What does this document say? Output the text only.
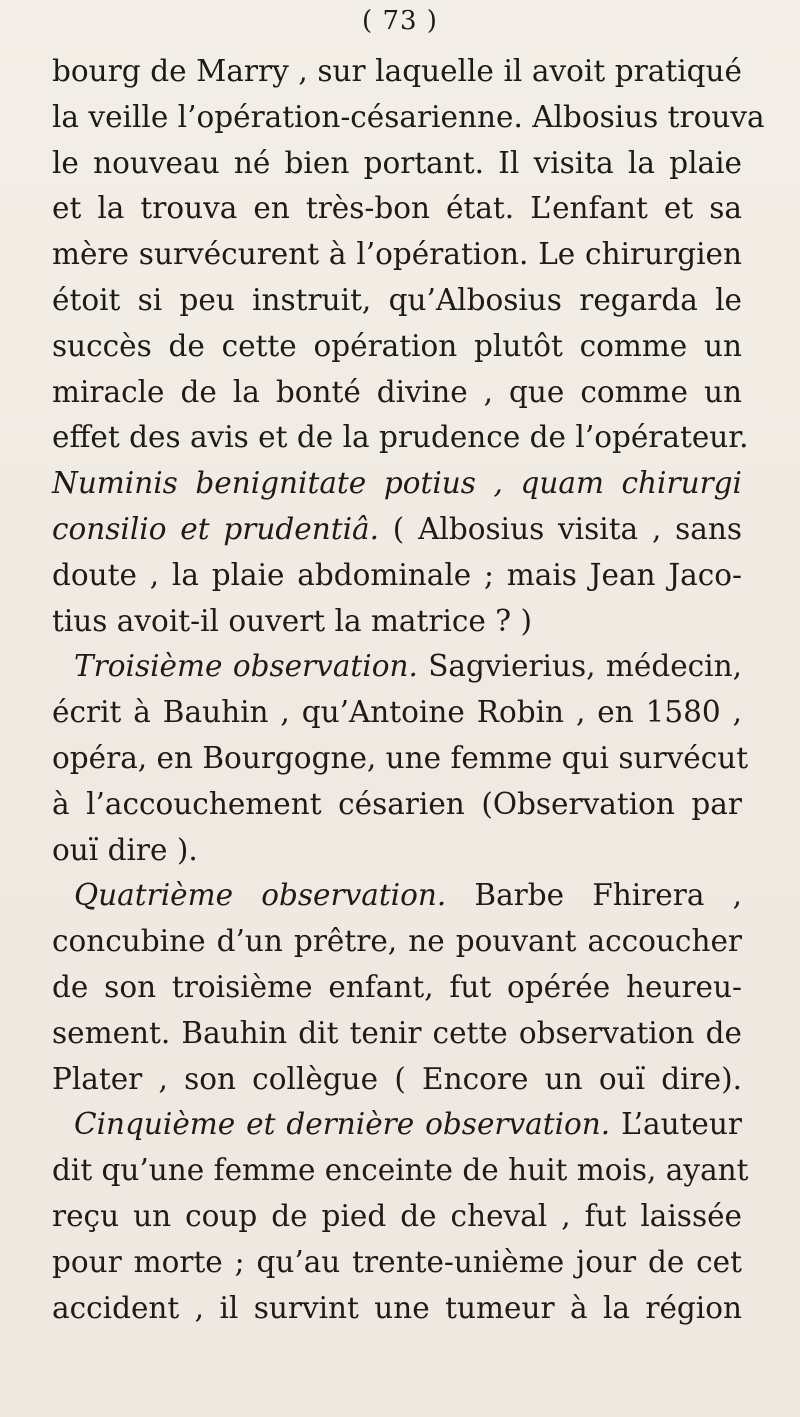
( 73 )
bourg de Marry , sur laquelle il avoit pratiqué
la veille l’opération-césarienne. Albosius trouva
le nouveau né bien portant. Il visita la plaie
et la trouva en très-bon état. L’enfant et sa
mère survécurent à l’opération. Le chirurgien
étoit si peu instruit, qu’Albosius regarda le
succès de cette opération plutôt comme un
miracle de la bonté divine , que comme un
effet des avis et de la prudence de l’opérateur.
Numinis benignitate potius , quam chirurgi
consilio et prudentiâ. ( Albosius visita , sans
doute , la plaie abdominale ; mais Jean Jaco-
tius avoit-il ouvert la matrice ? )
Troisième observation. Sagvierius, médecin,
écrit à Bauhin , qu’Antoine Robin , en 1580 ,
opéra, en Bourgogne, une femme qui survécut
à l’accouchement césarien (Observation par
ouï dire ).
Quatrième observation. Barbe Fhirera ,
concubine d’un prêtre, ne pouvant accoucher
de son troisième enfant, fut opérée heureu-
sement. Bauhin dit tenir cette observation de
Plater , son collègue ( Encore un ouï dire).
Cinquième et dernière observation. L’auteur
dit qu’une femme enceinte de huit mois, ayant
reçu un coup de pied de cheval , fut laissée
pour morte ; qu’au trente-unième jour de cet
accident , il survint une tumeur à la région
